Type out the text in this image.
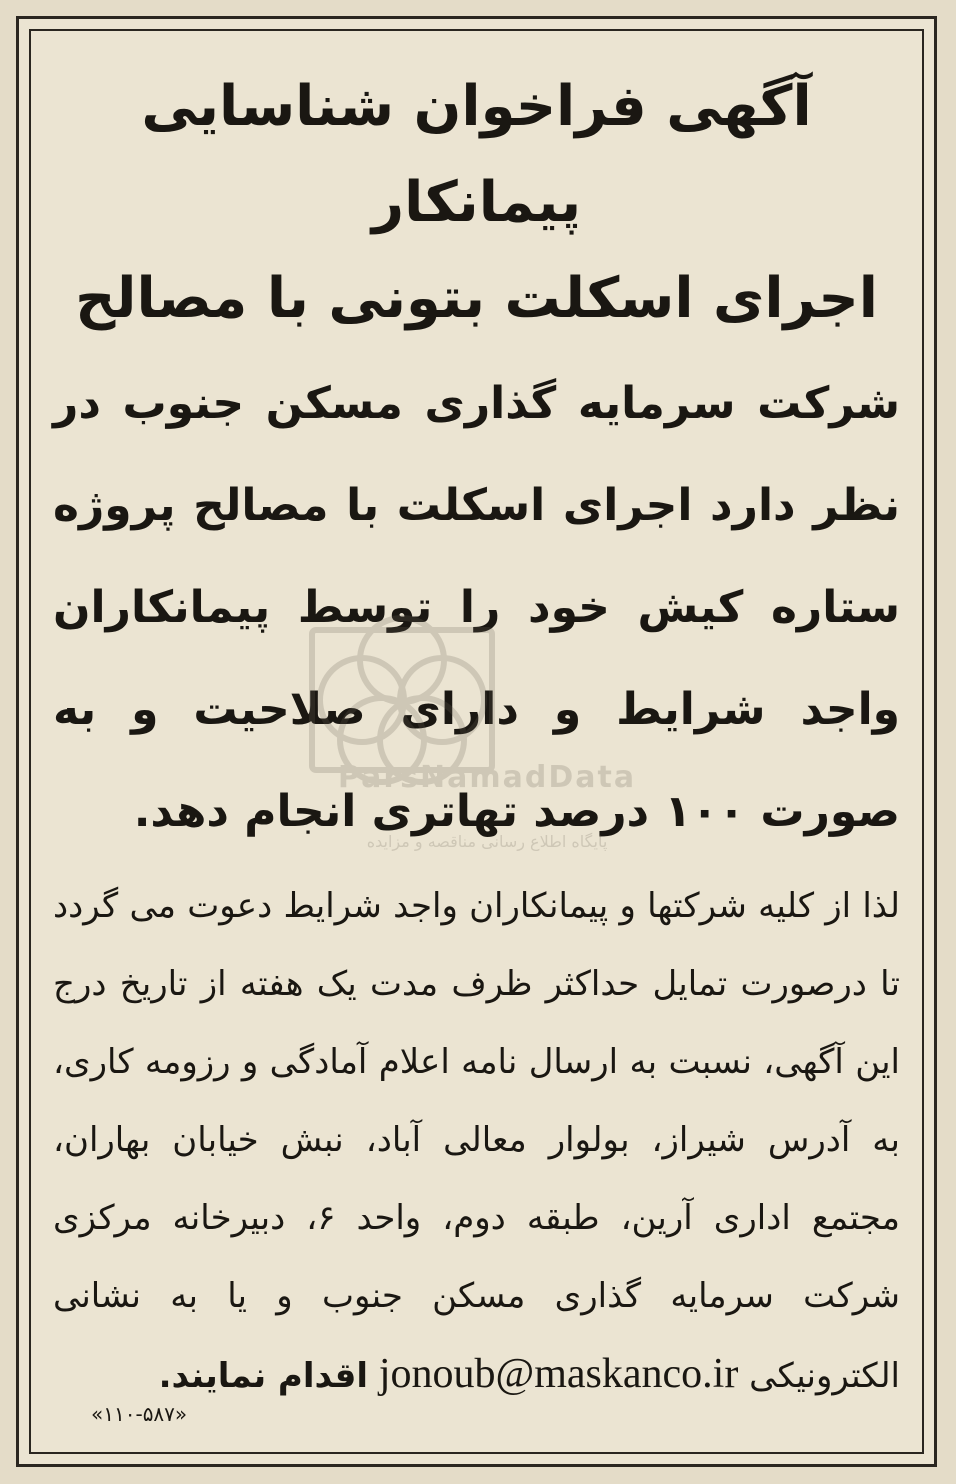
آگهی فراخوان شناسایی پیمانکار

اجرای اسکلت بتونی با مصالح

شرکت سرمایه گذاری مسکن جنوب در نظر دارد اجرای اسکلت با مصالح پروژه ستاره کیش خود را توسط پیمانکاران واجد شرایط و دارای صلاحیت و به صورت ۱۰۰ درصد تهاتری انجام دهد.

لذا از کلیه شرکتها و پیمانکاران واجد شرایط دعوت می گردد تا درصورت تمایل حداکثر ظرف مدت یک هفته از تاریخ درج این آگهی، نسبت به ارسال نامه اعلام آمادگی و رزومه کاری، به آدرس شیراز، بولوار معالی آباد، نبش خیابان بهاران، مجتمع اداری آرین، طبقه دوم، واحد ۶، دبیرخانه مرکزی شرکت سرمایه گذاری مسکن جنوب و یا به نشانی الکترونیکی jonoub@maskanco.ir اقدام نمایند.

«۱۱۰-۵۸۷»
ParsNamadData
پایگاه اطلاع رسانی مناقصه و مزایده
